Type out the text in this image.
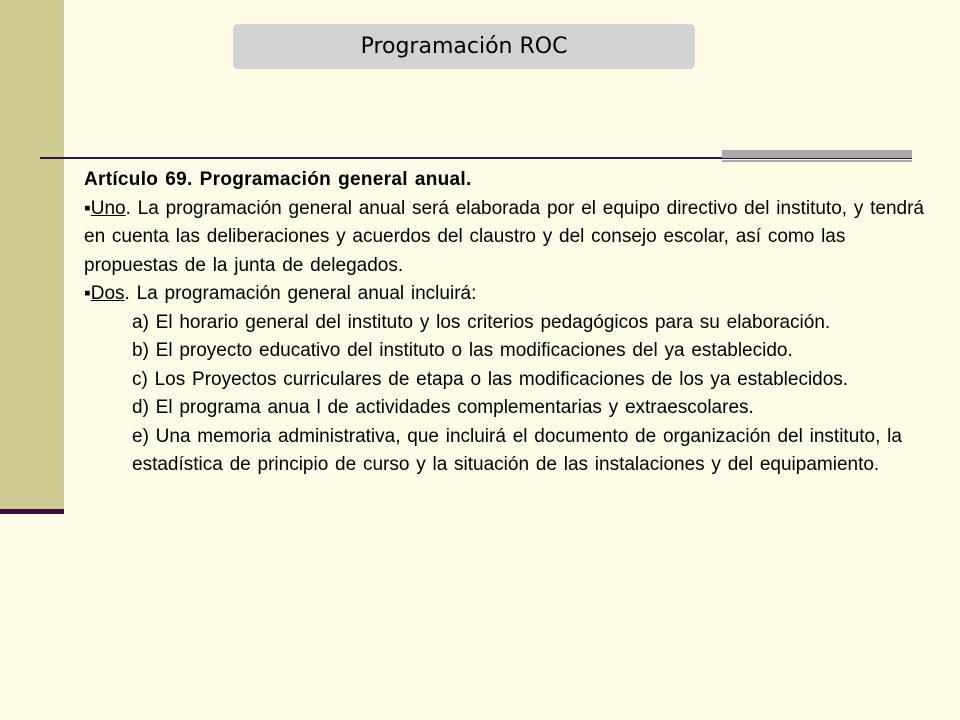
Programación ROC

Artículo 69. Programación general anual.

▪ Uno. La programación general anual será elaborada por el equipo directivo del instituto, y tendrá en cuenta las deliberaciones y acuerdos del claustro y del consejo escolar, así como las propuestas de la junta de delegados.

▪ Dos. La programación general anual incluirá:

a) El horario general del instituto y los criterios pedagógicos para su elaboración.

b) El proyecto educativo del instituto o las modificaciones del ya establecido.

c) Los Proyectos curriculares de etapa o las modificaciones de los ya establecidos.

d) El programa anua l de actividades complementarias y extraescolares.

e) Una memoria administrativa, que incluirá el documento de organización del instituto, la estadística de principio de curso y la situación de las instalaciones y del equipamiento.
